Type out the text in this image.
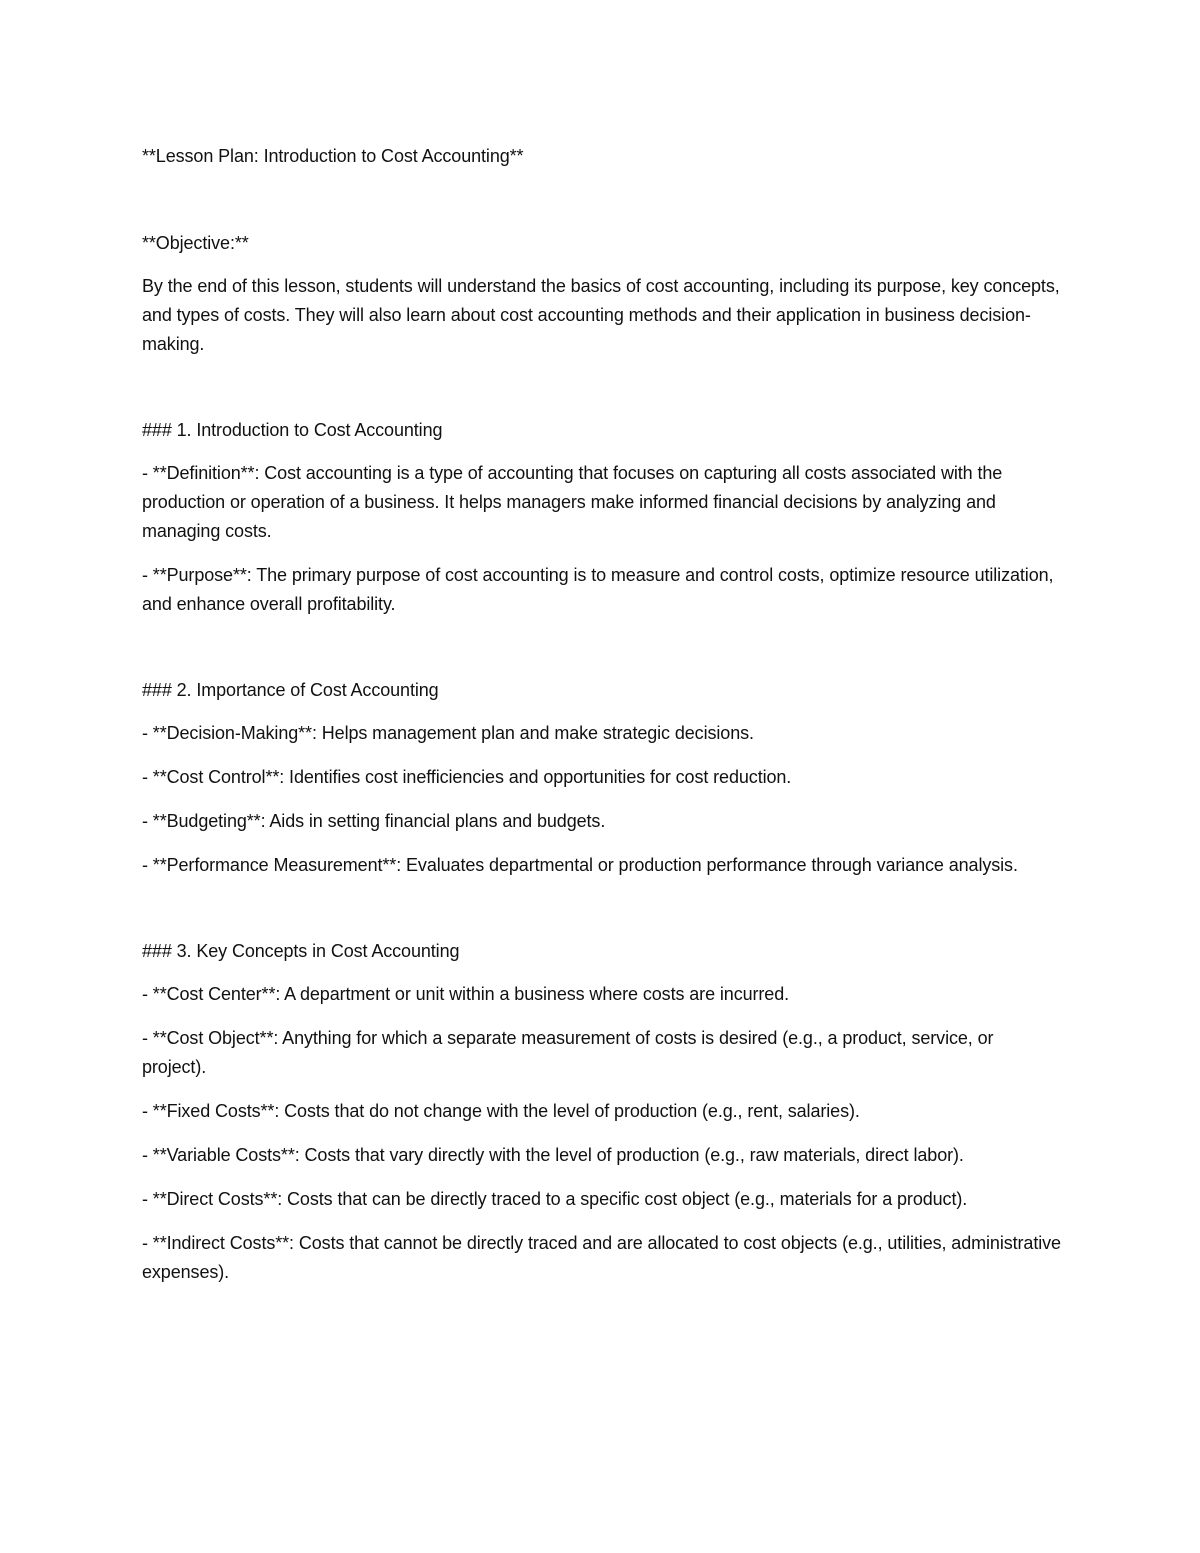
**Lesson Plan: Introduction to Cost Accounting**

**Objective:**

By the end of this lesson, students will understand the basics of cost accounting, including its purpose, key concepts, and types of costs. They will also learn about cost accounting methods and their application in business decision-making.

### 1. Introduction to Cost Accounting

- **Definition**: Cost accounting is a type of accounting that focuses on capturing all costs associated with the production or operation of a business. It helps managers make informed financial decisions by analyzing and managing costs.

- **Purpose**: The primary purpose of cost accounting is to measure and control costs, optimize resource utilization, and enhance overall profitability.

### 2. Importance of Cost Accounting

- **Decision-Making**: Helps management plan and make strategic decisions.

- **Cost Control**: Identifies cost inefficiencies and opportunities for cost reduction.

- **Budgeting**: Aids in setting financial plans and budgets.

- **Performance Measurement**: Evaluates departmental or production performance through variance analysis.

### 3. Key Concepts in Cost Accounting

- **Cost Center**: A department or unit within a business where costs are incurred.

- **Cost Object**: Anything for which a separate measurement of costs is desired (e.g., a product, service, or project).

- **Fixed Costs**: Costs that do not change with the level of production (e.g., rent, salaries).

- **Variable Costs**: Costs that vary directly with the level of production (e.g., raw materials, direct labor).

- **Direct Costs**: Costs that can be directly traced to a specific cost object (e.g., materials for a product).

- **Indirect Costs**: Costs that cannot be directly traced and are allocated to cost objects (e.g., utilities, administrative expenses).
